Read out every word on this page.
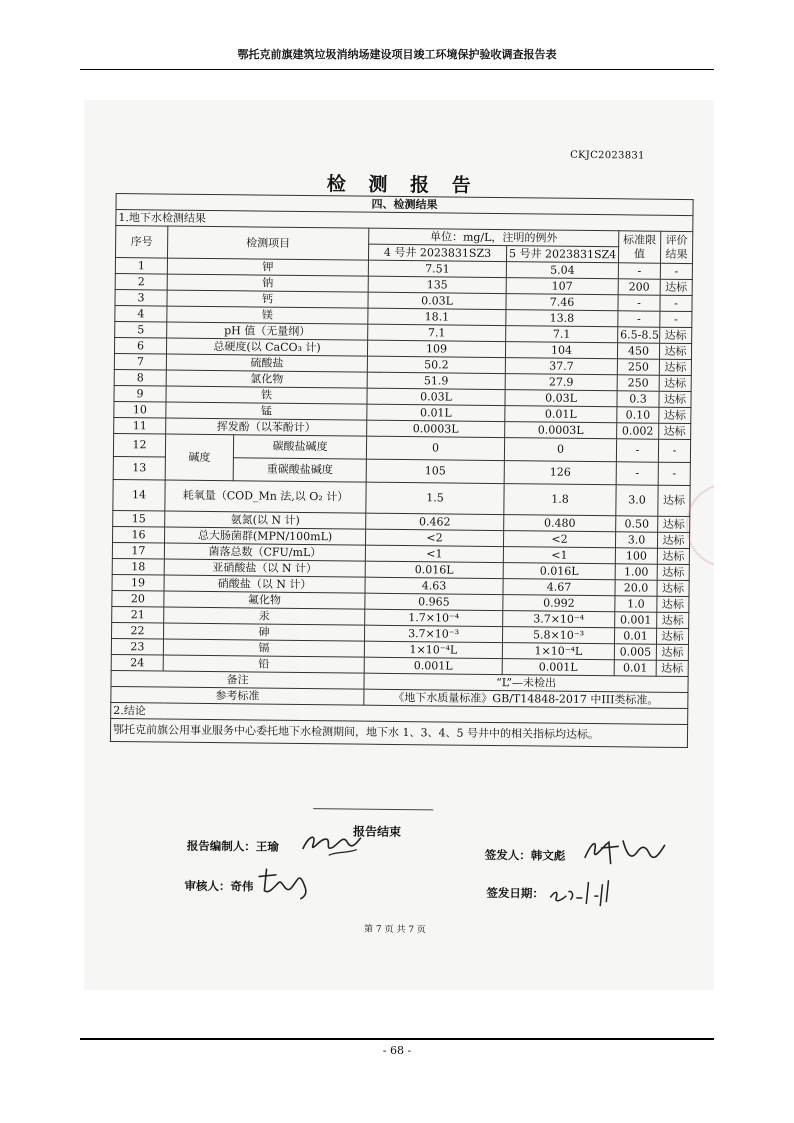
鄂托克前旗建筑垃圾消纳场建设项目竣工环境保护验收调查报告表
CKJC2023831
检 测 报 告
四、检测结果						
1.地下水检测结果						
序号	检测项目		单位：mg/L，注明的例外		标准限值	评价结果
			4 号井 2023831SZ3	5 号井 2023831SZ4		
1	钾		7.51	5.04	-	-
2	钠		135	107	200	达标
3	钙		0.03L	7.46	-	-
4	镁		18.1	13.8	-	-
5	pH 值（无量纲）		7.1	7.1	6.5-8.5	达标
6	总硬度(以 CaCO₃ 计)		109	104	450	达标
7	硫酸盐		50.2	37.7	250	达标
8	氯化物		51.9	27.9	250	达标
9	铁		0.03L	0.03L	0.3	达标
10	锰		0.01L	0.01L	0.10	达标
11	挥发酚（以苯酚计）		0.0003L	0.0003L	0.002	达标
12	碱度	碳酸盐碱度	0	0	-	-
13		重碳酸盐碱度	105	126	-	-
14	耗氧量（COD_Mn 法,以 O₂ 计）		1.5	1.8	3.0	达标
15	氨氮(以 N 计)		0.462	0.480	0.50	达标
16	总大肠菌群(MPN/100mL)		<2	<2	3.0	达标
17	菌落总数（CFU/mL）		<1	<1	100	达标
18	亚硝酸盐（以 N 计）		0.016L	0.016L	1.00	达标
19	硝酸盐（以 N 计）		4.63	4.67	20.0	达标
20	氟化物		0.965	0.992	1.0	达标
21	汞		1.7×10⁻⁴	3.7×10⁻⁴	0.001	达标
22	砷		3.7×10⁻³	5.8×10⁻³	0.01	达标
23	镉		1×10⁻⁴L	1×10⁻⁴L	0.005	达标
24	铅		0.001L	0.001L	0.01	达标
备注			“L”—未检出			
参考标准			《地下水质量标准》GB/T14848-2017 中III类标准。			
2.结论						
鄂托克前旗公用事业服务中心委托地下水检测期间，地下水 1、3、4、5 号井中的相关指标均达标。						
报告结束
报告编制人：王瑜
签发人：韩文彪
审核人：奇伟	签发日期：
第 7 页 共 7 页
- 68 -
